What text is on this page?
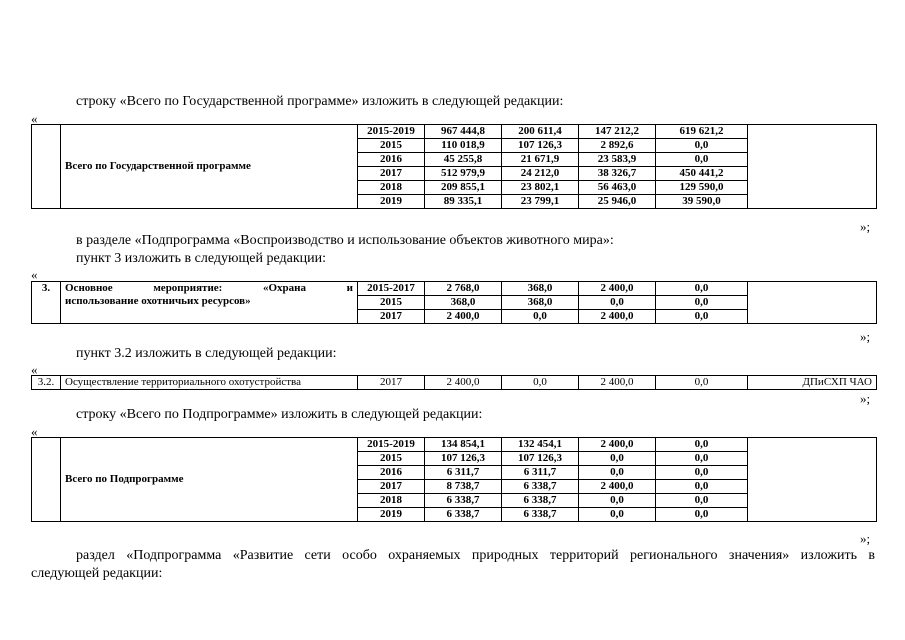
строку «Всего по Государственной программе» изложить в следующей редакции:
«
	Всего по Государственной программе	2015-2019	967 444,8	200 611,4	147 212,2	619 621,2	
		2015	110 018,9	107 126,3	2 892,6	0,0	
		2016	45 255,8	21 671,9	23 583,9	0,0	
		2017	512 979,9	24 212,0	38 326,7	450 441,2	
		2018	209 855,1	23 802,1	56 463,0	129 590,0	
		2019	89 335,1	23 799,1	25 946,0	39 590,0	
»;
в разделе «Подпрограмма «Воспроизводство и использование объектов животного мира»:
пункт 3 изложить в следующей редакции:
«
3.	Основное мероприятие: «Охрана и
использование охотничьих ресурсов»	2015-2017	2 768,0	368,0	2 400,0	0,0	
		2015	368,0	368,0	0,0	0,0	
		2017	2 400,0	0,0	2 400,0	0,0	
»;
пункт 3.2 изложить в следующей редакции:
«
3.2.	Осуществление территориального охотустройства	2017	2 400,0	0,0	2 400,0	0,0	ДПиСХП ЧАО
»;
строку «Всего по Подпрограмме» изложить в следующей редакции:
«
	Всего по Подпрограмме	2015-2019	134 854,1	132 454,1	2 400,0	0,0	
		2015	107 126,3	107 126,3	0,0	0,0	
		2016	6 311,7	6 311,7	0,0	0,0	
		2017	8 738,7	6 338,7	2 400,0	0,0	
		2018	6 338,7	6 338,7	0,0	0,0	
		2019	6 338,7	6 338,7	0,0	0,0	
»;
раздел «Подпрограмма «Развитие сети особо охраняемых природных территорий регионального значения» изложить в
следующей редакции:
